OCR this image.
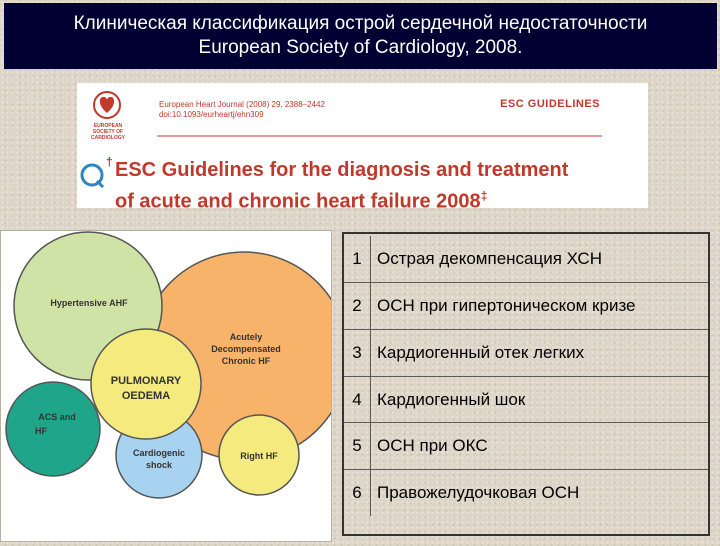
Клиническая классификация острой сердечной недостаточности
European Society of Cardiology, 2008.
EUROPEAN SOCIETY OF CARDIOLOGY
European Heart Journal (2008) 29, 2388–2442
doi:10.1093/eurheartj/ehn309
ESC GUIDELINES
† ESC Guidelines for the diagnosis and treatment
of acute and chronic heart failure 2008‡
Hypertensive AHF
Acutely
Decompensated
Chronic HF
ACS and
HF
Cardiogenic
shock
Right HF
PULMONARY
OEDEMA
1 Острая декомпенсация ХСН
2 ОСН при гипертоническом кризе
3 Кардиогенный отек легких
4 Кардиогенный шок
5 ОСН при ОКС
6 Правожелудочковая ОСН
